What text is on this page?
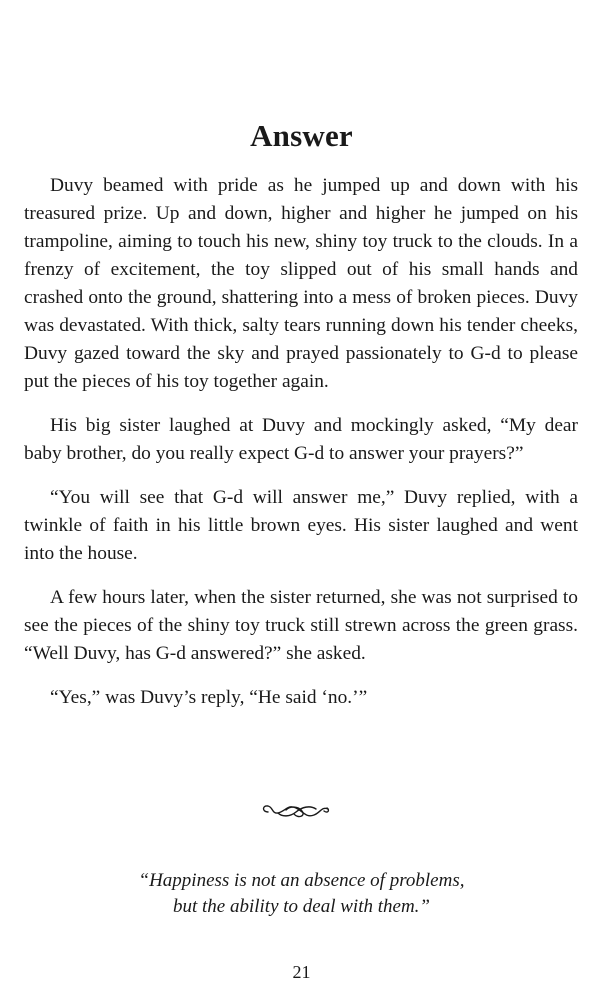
Answer

Duvy beamed with pride as he jumped up and down with his treasured prize. Up and down, higher and higher he jumped on his trampoline, aiming to touch his new, shiny toy truck to the clouds. In a frenzy of excitement, the toy slipped out of his small hands and crashed onto the ground, shattering into a mess of broken pieces. Duvy was devastated. With thick, salty tears running down his tender cheeks, Duvy gazed toward the sky and prayed passionately to G-d to please put the pieces of his toy together again.

His big sister laughed at Duvy and mockingly asked, “My dear baby brother, do you really expect G-d to answer your prayers?”

“You will see that G-d will answer me,” Duvy replied, with a twinkle of faith in his little brown eyes. His sister laughed and went into the house.

A few hours later, when the sister returned, she was not surprised to see the pieces of the shiny toy truck still strewn across the green grass. “Well Duvy, has G-d answered?” she asked.

“Yes,” was Duvy’s reply, “He said ‘no.’”

“Happiness is not an absence of problems,
but the ability to deal with them.”
21
